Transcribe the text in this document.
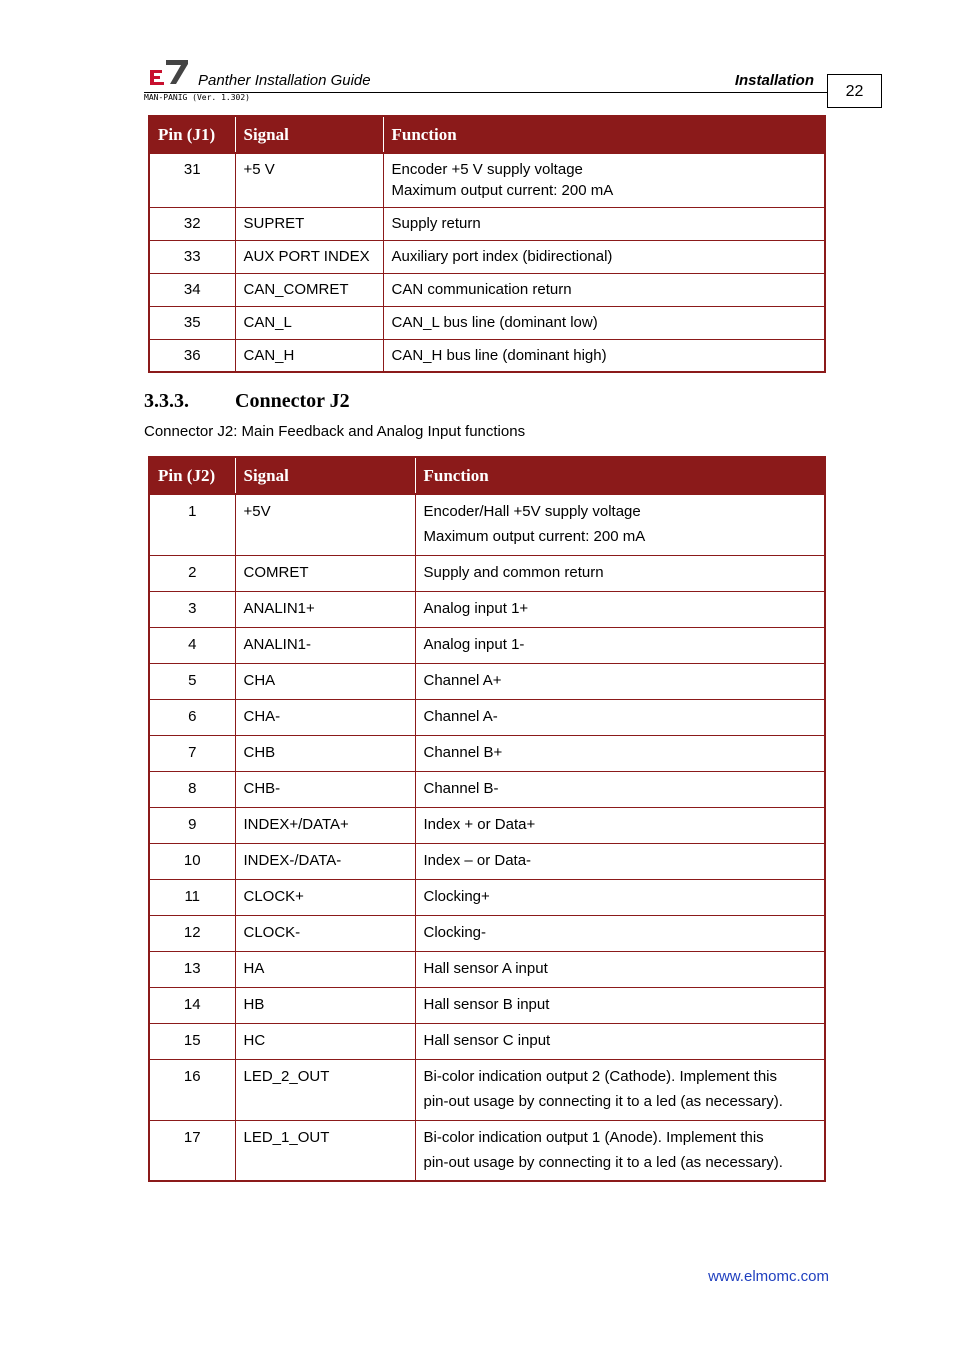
Panther Installation Guide	Installation
MAN-PANIG (Ver. 1.302)	22
Pin (J1)	Signal	Function
31	+5 V	Encoder +5 V supply voltage
Maximum output current: 200 mA

32	SUPRET	Supply return

33	AUX PORT INDEX	Auxiliary port index (bidirectional)

34	CAN_COMRET	CAN communication return

35	CAN_L	CAN_L bus line (dominant low)

36	CAN_H	CAN_H bus line (dominant high)
3.3.3. Connector J2
Connector J2: Main Feedback and Analog Input functions
Pin (J2)	Signal	Function
1	+5V	Encoder/Hall +5V supply voltage
Maximum output current: 200 mA

2	COMRET	Supply and common return

3	ANALIN1+	Analog input 1+

4	ANALIN1-	Analog input 1-

5	CHA	Channel A+

6	CHA-	Channel A-

7	CHB	Channel B+

8	CHB-	Channel B-

9	INDEX+/DATA+	Index + or Data+

10	INDEX-/DATA-	Index – or Data-

11	CLOCK+	Clocking+

12	CLOCK-	Clocking-

13	HA	Hall sensor A input

14	HB	Hall sensor B input

15	HC	Hall sensor C input

16	LED_2_OUT	Bi-color indication output 2 (Cathode). Implement this
pin-out usage by connecting it to a led (as necessary).

17	LED_1_OUT	Bi-color indication output 1 (Anode). Implement this
pin-out usage by connecting it to a led (as necessary).
www.elmomc.com
